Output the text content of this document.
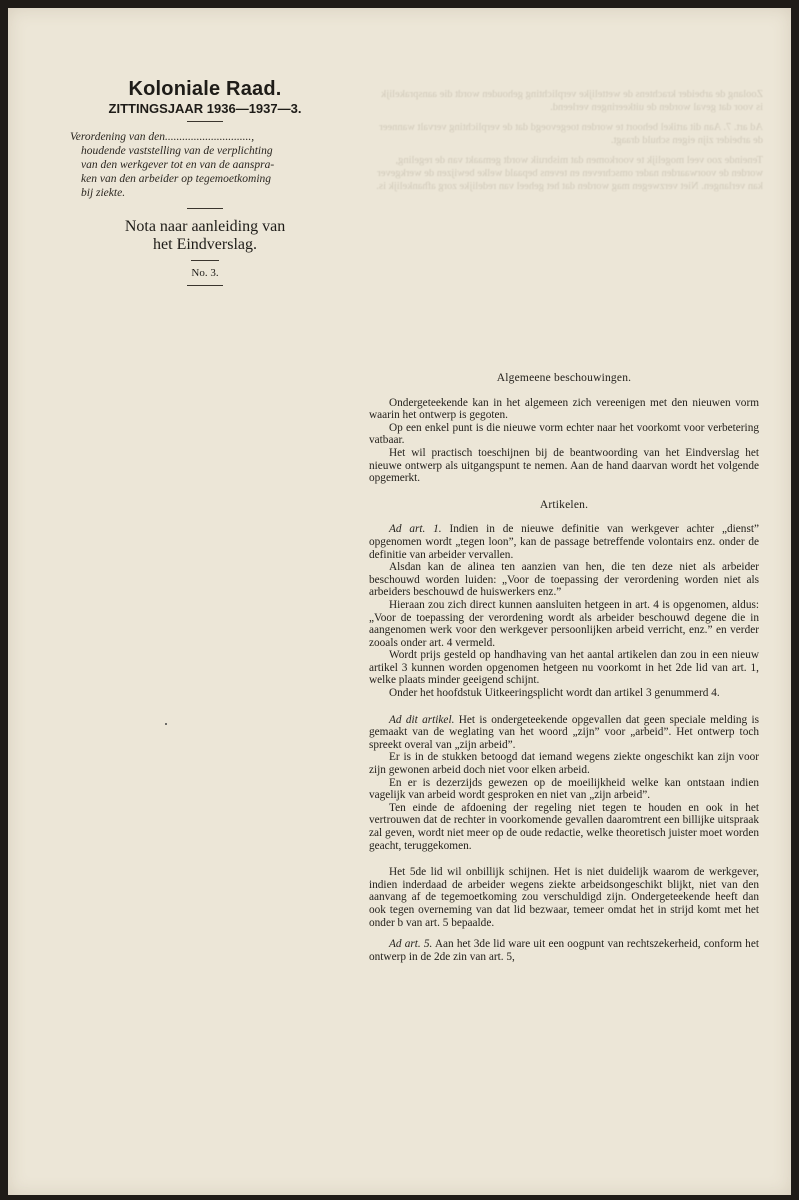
Zoolang de arbeider krachtens de wettelijke verplichting gehouden wordt die aansprakelijk is voor dat geval worden de uitkeeringen verleend.

Ad art. 7. Aan dit artikel behoort te worden toegevoegd dat de verplichting vervalt wanneer de arbeider zijn eigen schuld draagt.

Teneinde zoo veel mogelijk te voorkomen dat misbruik wordt gemaakt van de regeling, worden de voorwaarden nader omschreven en tevens bepaald welke bewijzen de werkgever kan verlangen. Niet verzwegen mag worden dat het geheel van redelijke zorg afhankelijk is.

Koloniale Raad.
ZITTINGSJAAR 1936—1937—3.
Verordening van den..............................,
houdende vaststelling van de verplichting
van den werkgever tot en van de aanspra-
ken van den arbeider op tegemoetkoming
bij ziekte.
Nota naar aanleiding van
het Eindverslag.
No. 3.
Algemeene beschouwingen.

Ondergeteekende kan in het algemeen zich vereenigen met den nieuwen vorm waarin het ontwerp is gegoten.

Op een enkel punt is die nieuwe vorm echter naar het voorkomt voor verbetering vatbaar.

Het wil practisch toeschijnen bij de beantwoording van het Eindverslag het nieuwe ontwerp als uitgangspunt te nemen. Aan de hand daarvan wordt het volgende opgemerkt.

Artikelen.

Ad art. 1. Indien in de nieuwe definitie van werkgever achter „dienst” opgenomen wordt „tegen loon”, kan de passage betreffende volontairs enz. onder de definitie van arbeider vervallen.

Alsdan kan de alinea ten aanzien van hen, die ten deze niet als arbeider beschouwd worden luiden: „Voor de toepassing der verordening worden niet als arbeiders beschouwd de huiswerkers enz.”

Hieraan zou zich direct kunnen aansluiten hetgeen in art. 4 is opgenomen, aldus: „Voor de toepassing der verordening wordt als arbeider beschouwd degene die in aangenomen werk voor den werkgever persoonlijken arbeid verricht, enz.” en verder zooals onder art. 4 vermeld.

Wordt prijs gesteld op handhaving van het aantal artikelen dan zou in een nieuw artikel 3 kunnen worden opgenomen hetgeen nu voorkomt in het 2de lid van art. 1, welke plaats minder geeigend schijnt.

Onder het hoofdstuk Uitkeeringsplicht wordt dan artikel 3 genummerd 4.

Ad dit artikel. Het is ondergeteekende opgevallen dat geen speciale melding is gemaakt van de weglating van het woord „zijn” voor „arbeid”. Het ontwerp toch spreekt overal van „zijn arbeid”.

Er is in de stukken betoogd dat iemand wegens ziekte ongeschikt kan zijn voor zijn gewonen arbeid doch niet voor elken arbeid.

En er is dezerzijds gewezen op de moeilijkheid welke kan ontstaan indien vagelijk van arbeid wordt gesproken en niet van „zijn arbeid”.

Ten einde de afdoening der regeling niet tegen te houden en ook in het vertrouwen dat de rechter in voorkomende gevallen daaromtrent een billijke uitspraak zal geven, wordt niet meer op de oude redactie, welke theoretisch juister moet worden geacht, teruggekomen.

Het 5de lid wil onbillijk schijnen. Het is niet duidelijk waarom de werkgever, indien inderdaad de arbeider wegens ziekte arbeidsongeschikt blijkt, niet van den aanvang af de tegemoetkoming zou verschuldigd zijn. Ondergeteekende heeft dan ook tegen overneming van dat lid bezwaar, temeer omdat het in strijd komt met het onder b van art. 5 bepaalde.

Ad art. 5. Aan het 3de lid ware uit een oogpunt van rechtszekerheid, conform het ontwerp in de 2de zin van art. 5,
